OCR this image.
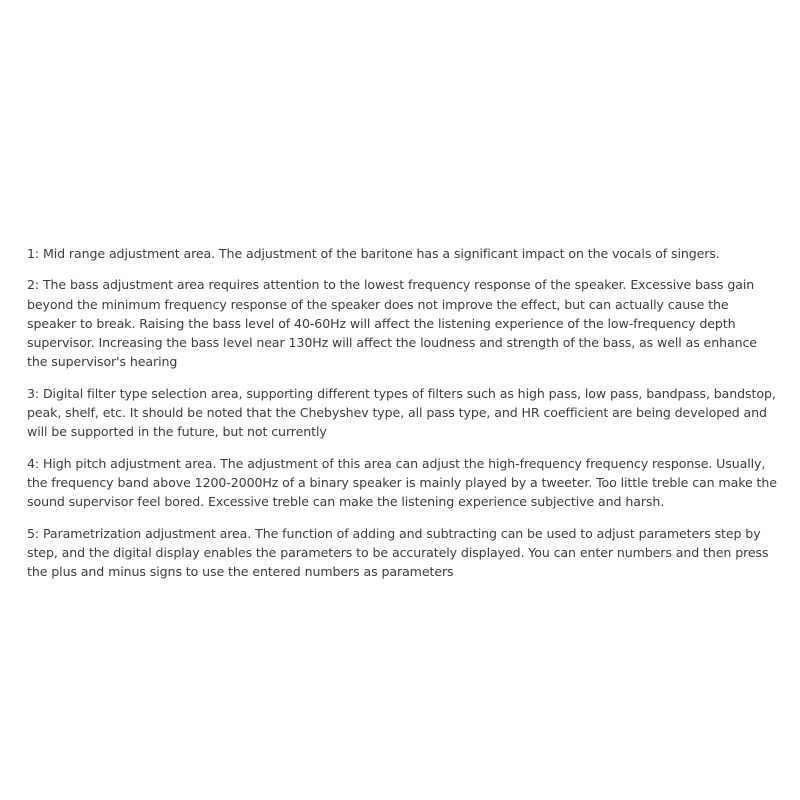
1: Mid range adjustment area. The adjustment of the baritone has a significant impact on the vocals of singers.

2: The bass adjustment area requires attention to the lowest frequency response of the speaker. Excessive bass gain beyond the minimum frequency response of the speaker does not improve the effect, but can actually cause the speaker to break. Raising the bass level of 40-60Hz will affect the listening experience of the low-frequency depth supervisor. Increasing the bass level near 130Hz will affect the loudness and strength of the bass, as well as enhance the supervisor's hearing

3: Digital filter type selection area, supporting different types of filters such as high pass, low pass, bandpass, bandstop, peak, shelf, etc. It should be noted that the Chebyshev type, all pass type, and HR coefficient are being developed and will be supported in the future, but not currently

4: High pitch adjustment area. The adjustment of this area can adjust the high-frequency frequency response. Usually, the frequency band above 1200-2000Hz of a binary speaker is mainly played by a tweeter. Too little treble can make the sound supervisor feel bored. Excessive treble can make the listening experience subjective and harsh.

5: Parametrization adjustment area. The function of adding and subtracting can be used to adjust parameters step by step, and the digital display enables the parameters to be accurately displayed. You can enter numbers and then press the plus and minus signs to use the entered numbers as parameters
